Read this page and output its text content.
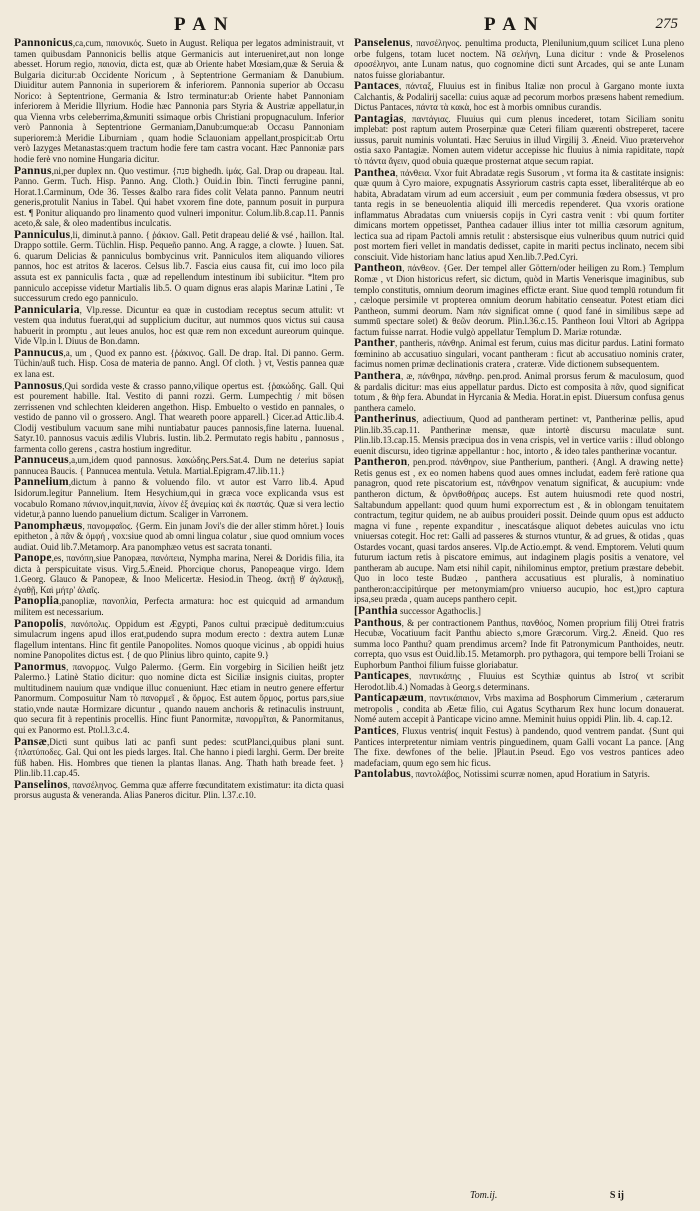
PAN	PAN	275

Pannonicus,ca,cum, παιονικός. Sueto in August. Reliqua per legatos administrauit, vt tamen quibusdam Pannonicis bellis atque Germanicis aut interueniret,aut non longe abesset. Horum regio, παιονία, dicta est, quæ ab Oriente habet Mœsiam,quæ & Seruia & Bulgaria dicitur:ab Occidente Noricum , à Septentrione Germaniam & Danubium. Diuiditur autem Pannonia in superiorem & inferiorem. Pannonia superior ab Occasu Norico: à Septentrione, Germania & Istro terminatur:ab Oriente habet Pannoniam inferiorem à Meridie Illyrium. Hodie hæc Pannonia pars Styria & Austriæ appellatur,in qua Vienna vrbs celeberrima,&muniti ssimaque orbis Christiani propugnaculum. Inferior verò Pannonia à Septentrione Germaniam,Danub:umque:ab Occasu Pannoniam superiorem:à Meridie Liburniam , quam hodie Sclauoniam appellant,prospicit:ab Ortu verò Iazyges Metanastas:quem tractum hodie fere tam castra vocant. Hæc Pannoniæ pars hodie ferè vno nomine Hungaria dicitur.

Pannus,ni,per duplex nn. Quo vestimur. {פנה bighedh. ἱμάς. Gal. Drap ou drapeau. Ital. Panno. Germ. Tuch. Hisp. Panno. Ang. Cloth.} Ouid.in Ibin. Tincti ferrugine panni, Horat.1.Carminum, Ode 36. Tesses &albo rara fides colit Velata panno. Pannum neutri generis,protulit Nanius in Tabel. Qui habet vxorem fine dote, pannum posuit in purpura est. ¶ Ponitur aliquando pro linamento quod vulneri imponitur. Colum.lib.8.cap.11. Pannis aceto,& sale, & oleo madentibus inculcatis.

Panniculus,li, diminut.à panno. { ῥάκιον. Gall. Petit drapeau delié & vsé , haillon. Ital. Drappo sottile. Germ. Tüchlin. Hisp. Pequeño panno. Ang. A ragge, a clowte. } Iuuen. Sat. 6. quarum Delicias & panniculus bombycinus vrit. Panniculos item aliquando viliores pannos, hoc est atritos & laceros. Celsus lib.7. Fascia eius causa fit, cui imo loco pila assuta est ex panniculis facta , quæ ad repellendum intestinum ibi subiicitur. *ltem pro panniculo accepisse videtur Martialis lib.5. O quam dignus eras alapis Marinæ Latini , Te successurum credo ego panniculo.

Pannicularia, Vlp.resse. Dicuntur ea quæ in custodiam receptus secum attulit: vt vestem qua indutus fuerat,qui ad supplicium ducitur, aut nummos quos victus sui causa habuerit in promptu , aut leues anulos, hoc est quæ rem non excedunt aureorum quinque. Vide Vlp.in l. Diuus de Bon.damn.

Pannucus,a, um , Quod ex panno est. {ῥάκινος. Gall. De drap. Ital. Di panno. Germ. Tüchin/auß tuch. Hisp. Cosa de materia de panno. Angl. Of cloth. } vt, Vestis pannea quæ ex lana est.

Pannosus,Qui sordida veste & crasso panno,vilique opertus est. {ῥακώδης. Gall. Qui est pourement habille. Ital. Vestito di panni rozzi. Germ. Lumpechtig / mit bösen zerrissenen vnd schlechten kleideren angethon. Hisp. Embuelto o vestido en pannales, o vestido de panno vil o grossero. Angl. That weareth poore apparell.} Cicer.ad Attic.lib.4. Clodij vestibulum vacuum sane mihi nuntiabatur pauces pannosis,fine laterna. Iuuenal. Satyr.10. pannosus vacuis ædilis Vlubris. Iustin. lib.2. Permutato regis habitu , pannosus , farmenta collo gerens , castra hostium ingreditur.

Pannuceus,a,um,idem quod pannosus. λακώδης.Pers.Sat.4. Dum ne deterius sapiat pannucea Baucis. { Pannucea mentula. Vetula. Martial.Epigram.47.lib.11.}

Pannelium,dictum à panno & voluendo filo. vt autor est Varro lib.4. Apud Isidorum.legitur Pannelium. Item Hesychium,qui in græca voce explicanda vsus est vocabulo Romano πάνιον,inquit,πανία, λίνον ἐξ ἀνεμίας καὶ ἐκ παστάς. Quæ si vera lectio videtur,à panno luendo panuelium dictum. Scaliger in Varronem.

Panomphæus, πανομφαῖος. {Germ. Ein junam Jovi's die der aller stimm höret.} Iouis epitheton , à πᾶν & ὀμφή , vox:siue quod ab omni lingua colatur , siue quod omnium voces audiat. Ouid lib.7.Metamorp. Ara panomphæo vetus est sacrata tonanti.

Panope,es, πανόπη,siue Panopæa, πανόπεια, Nympha marina, Nerei & Doridis filia, ita dicta à perspicuitate visus. Virg.5.Æneid. Phorcique chorus, Panopeaque virgo. Idem 1.Georg. Glauco & Panopeæ, & Inoo Melicertæ. Hesiod.in Theog. ἀκτῇ θ' ἀγλαυκῇ, ἐγαθῇ, Καὶ μήτρ' ἀλαῖς.

Panoplia,panopliæ, πανοπλία, Perfecta armatura: hoc est quicquid ad armandum militem est necessarium.

Panopolis, πανόπολις. Oppidum est Ægypti, Panos cultui præcipuè deditum:cuius simulacrum ingens apud illos erat,pudendo supra modum erecto : dextra autem Lunæ flagellum intentans. Hinc fit gentile Panopolites. Nomos quoque vicinus , ab oppidi huius nomine Panopolites dictus est. { de quo Plinius libro quinto, capite 9.}

Panormus, πανορμος. Vulgo Palermo. {Germ. Ein vorgebirg in Sicilien heißt jetz Palermo.} Latinè Statio dicitur: quo nomine dicta est Siciliæ insignis ciuitas, propter multitudinem nauium quæ vndique illuc conueniunt. Hæc etiam in neutro genere effertur Panormum. Composuitur Nam τὸ πανορμεῖ , & ὅρμος. Est autem ὅρμος, portus pars,siue statio,vnde nautæ Hormizare dicuntur , quando nauem anchoris & retinaculis instruunt, quo secura fit à repentinis procellis. Hinc fiunt Panormitæ, πανορμῖται, & Panormitanus, qui ex Panormo est. Ptol.l.3.c.4.

Pansæ,Dicti sunt quibus lati ac panfi sunt pedes: scutPlanci,quibus plani sunt. {πλατύποδες. Gal. Qui ont les pieds larges. Ital. Che hanno i piedi larghi. Germ. Der breite füß haben. His. Hombres que tienen la plantas llanas. Ang. Thath hath breade feet. } Plin.lib.11.cap.45.

Panselinos, πανσέληνος. Gemma quæ afferre fœcunditatem existimatur: ita dicta quasi prorsus augusta & veneranda. Alias Paneros dicitur. Plin. l.37.c.10.

Panselenus, πανσέληνος. penultima producta, Plenilunium,quum scilicet Luna pleno orbe fulgens, totam lucet noctem. Nā σελήνη, Luna dicitur : vnde & Proselenos σροσέληνοι, ante Lunam natus, quo cognomine dicti sunt Arcades, qui se ante Lunam natos fuisse gloriabantur.

Pantaces, πάνταξ, Fluuius est in finibus Italiæ non procul à Gargano monte iuxta Calchantis, & Podalirij sacella: cuius aquæ ad pecorum morbos præsens habent remedium. Dictus Pantaces, πάντα τὰ κακὰ, hoc est à morbis omnibus curandis.

Pantagias, παντάγιας. Fluuius qui cum plenus incederet, totam Siciliam sonitu implebat: post raptum autem Proserpinæ quæ Ceteri filiam quærenti obstreperet, tacere iussus, paruit numinis voluntati. Hæc Seruius in illud Virgilij 3. Æneid. Viuo prætervehor ostia saxo Pantagiæ. Nomen autem videtur accepisse hic fluuius à nimia rapiditate, παρὰ τὸ πάντα ἄγειν, quod obuia quæque prosternat atque secum rapiat.

Panthea, πάνθεια. Vxor fuit Abradatæ regis Susorum , vt forma ita & castitate insignis: quæ quum à Cyro maiore, expugnatis Assyriorum castris capta esset, liberalitérque ab eo habita, Abradatam virum ad eum accersiuit , eum per communia fœdera obsessus, vt pro tanta regis in se beneuolentia aliquid illi mercedis rependeret. Qua vxoris oratione inflammatus Abradatas cum vniuersis copijs in Cyri castra venit : vbi quum fortiter dimicans mortem oppetisset, Panthea cadauer illius inter tot millia cæsorum agnitum, lectica sua ad ripam Pactoli amnis retulit : abstersisque eius vulneribus quum nutrici quid post mortem fieri vellet in mandatis dedisset, capite in mariti pectus inclinato, necem sibi consciuit. Vide historiam hanc latius apud Xen.lib.7.Ped.Cyri.

Pantheon, πάνθεον. {Ger. Der tempel aller Göttern/oder heiligen zu Rom.} Templum Romæ , vt Dion historicus refert, sic dictum, quòd in Martis Venerisque imaginibus, sub templo constitutis, omnium deorum imagines effictæ erant. Siue quod templū rotundum fit , cæloque persimile vt propterea omnium deorum habitatio censeatur. Potest etiam dici Pantheon, summi deorum. Nam πάν significat omne ( quod fané in similibus sæpe ad summū spectare solet) & θεῶν deorum. Plin.l.36.c.15. Pantheon Ioui Vltori ab Agrippa factum fuisse narrat. Hodie vulgò appellatur Templum D. Mariæ rotundæ.

Panther, pantheris, πάνθηρ. Animal est ferum, cuius mas dicitur pardus. Latini formato fœminino ab accusatiuo singulari, vocant pantheram : ficut ab accusatiuo nominis crater, facimus nomen primæ declinationis cratera , crateræ. Vide dictionem subsequentem.

Panthera, æ, πάνθηρα, πάνθηρ. pen.prod. Animal prorsus ferum & maculosum, quod & pardalis dicitur: mas eius appellatur pardus. Dicto est composita à πᾶν, quod significat totum , & θὴρ fera. Abundat in Hyrcania & Media. Horat.in epist. Diuersum confusa genus panthera camelo.

Pantherinus, adiectiuum, Quod ad pantheram pertinet: vt, Pantherinæ pellis, apud Plin.lib.35.cap.11. Pantherinæ mensæ, quæ intortè discursu maculatæ sunt. Plin.lib.13.cap.15. Mensis præcipua dos in vena crispis, vel in vertice variis : illud oblongo euenit discursu, ideo tigrinæ appellantur : hoc, intorto , & ideo tales pantherinæ vocantur.

Pantheron, pen.prod. πάνθηρον, siue Pantherium, pantheri. {Angl. A drawing nette} Retis genus est , ex eo nomen habens quod aues omnes includat, eadem ferè ratione qua panagron, quod rete piscatorium est, πάνθηρον venatum significat, & aucupium: vnde pantheron dictum, & ὀρνιθοθήρας auceps. Est autem huiusmodi rete quod nostri, Saltabundum appellant: quod quum humi exporrectum est , & in oblongam tenuitatem contractum, tegitur quidem, ne ab auibus prouideri possit. Deinde quum opus est adducto magna vi fune , repente expanditur , inescatásque aliquot debetes auiculas vno ictu vniuersas cotegit. Hoc ret: Galli ad passeres & sturnos vtuntur, & ad grues, & otidas , quas Ostardes vocant, quasi tardos anseres. Vlp.de Actio.empt. & vend. Emptorem. Veluti quum futurum iactum retis à piscatore emimus, aut indaginem plagis positis a venatore, vel pantheram ab aucupe. Nam etsi nihil capit, nihilominus emptor, pretium præstare debebit. Quo in loco teste Budæo , panthera accusatiuus est pluralis, à nominatiuo pantheron:accipitúrque per metonymiam(pro vniuerso aucupio, hoc est,)pro captura ipsa,seu præda , quam auceps panthero cepit.

[Panthia successor Agathoclis.]

Panthous, & per contractionem Panthus, πανθόος, Nomen proprium filij Otrei fratris Hecubæ, Vocatiuum facit Panthu abiecto s,more Græcorum. Virg.2. Æneid. Quo res summa loco Panthu? quam prendimus arcem? Inde fit Patronymicum Panthoides, neutr. correpta, quo vsus est Ouid.lib.15. Metamorph. pro pythagora, qui tempore belli Troiani se Euphorbum Panthoi filium fuisse gloriabatur.

Panticapes, παντικάπης , Fluuius est Scythiæ quintus ab Istro( vt scribit Herodot.lib.4.) Nomadas à Georg.s determinans.

Panticapæum, παντικάπαιον, Vrbs maxima ad Bosphorum Cimmerium , cæterarum metropolis , condita ab Æetæ filio, cui Agatus Scytharum Rex hunc locum donauerat. Nomé autem accepit à Panticape vicino amne. Meminit huius oppidi Plin. lib. 4. cap.12.

Pantices, Fluxus ventris( inquit Festus) à pandendo, quod ventrem pandat. {Sunt qui Pantices interpretentur nimiam ventris pinguedinem, quam Galli vocant La pance. [Ang The fixe. dewfones of the belie. ]Plaut.in Pseud. Ego vos vestros pantices adeo madefaciam, quum ego sem hic ficus.

Pantolabus, παντολάβος, Notissimi scurræ nomen, apud Horatium in Satyris.

Tom.ij.	S ij
